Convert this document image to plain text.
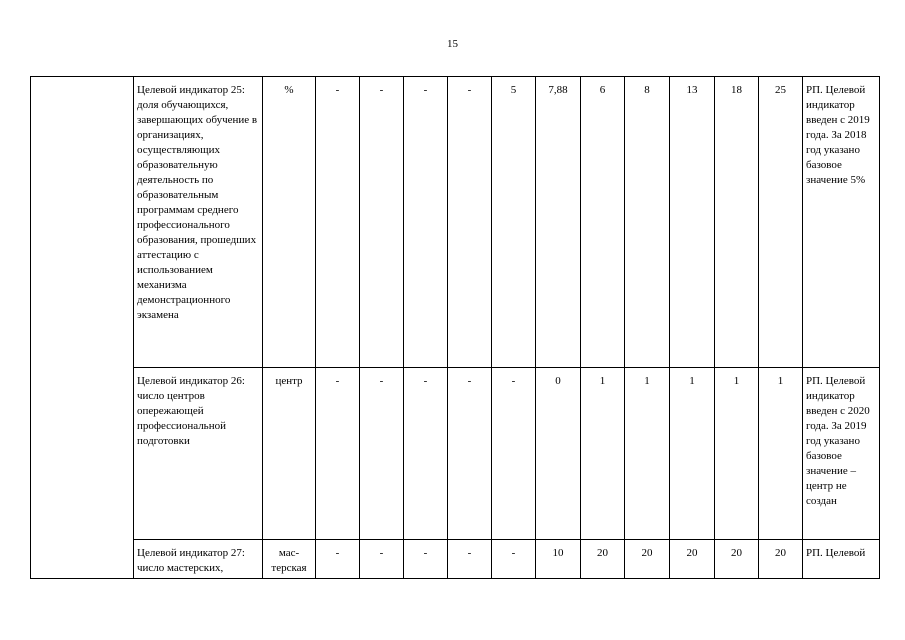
15
	Целевой индикатор 25: доля обучающихся, завершающих обучение в организациях, осуществляющих образовательную деятельность по образовательным программам среднего профессионального образования, прошедших аттестацию с использованием механизма демонстрационного экзамена	%	-	-	-	-	5	7,88	6	8	13	18	25	РП. Целевой индикатор введен с 2019 года. За 2018 год указано базовое значение 5%
	Целевой индикатор 26: число центров опережающей профессиональной подготовки	центр	-	-	-	-	-	0	1	1	1	1	1	РП. Целевой индикатор введен с 2020 года. За 2019 год указано базовое значение – центр не создан
	Целевой индикатор 27: число мастерских,	мас-терская	-	-	-	-	-	10	20	20	20	20	20	РП. Целевой
